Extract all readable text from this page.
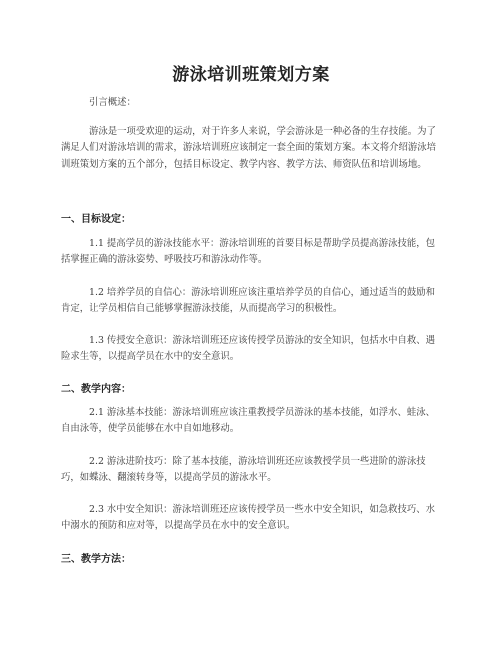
游泳培训班策划方案
引言概述：
游泳是一项受欢迎的运动，对于许多人来说，学会游泳是一种必备的生存技能。为了满足人们对游泳培训的需求，游泳培训班应该制定一套全面的策划方案。本文将介绍游泳培训班策划方案的五个部分，包括目标设定、教学内容、教学方法、师资队伍和培训场地。
一、目标设定：
1.1 提高学员的游泳技能水平：游泳培训班的首要目标是帮助学员提高游泳技能，包括掌握正确的游泳姿势、呼吸技巧和游泳动作等。
1.2 培养学员的自信心：游泳培训班应该注重培养学员的自信心，通过适当的鼓励和肯定，让学员相信自己能够掌握游泳技能，从而提高学习的积极性。
1.3 传授安全意识：游泳培训班还应该传授学员游泳的安全知识，包括水中自救、遇险求生等，以提高学员在水中的安全意识。
二、教学内容：
2.1 游泳基本技能：游泳培训班应该注重教授学员游泳的基本技能，如浮水、蛙泳、自由泳等，使学员能够在水中自如地移动。
2.2 游泳进阶技巧：除了基本技能，游泳培训班还应该教授学员一些进阶的游泳技巧，如蝶泳、翻滚转身等，以提高学员的游泳水平。
2.3 水中安全知识：游泳培训班还应该传授学员一些水中安全知识，如急救技巧、水中溺水的预防和应对等，以提高学员在水中的安全意识。
三、教学方法：
